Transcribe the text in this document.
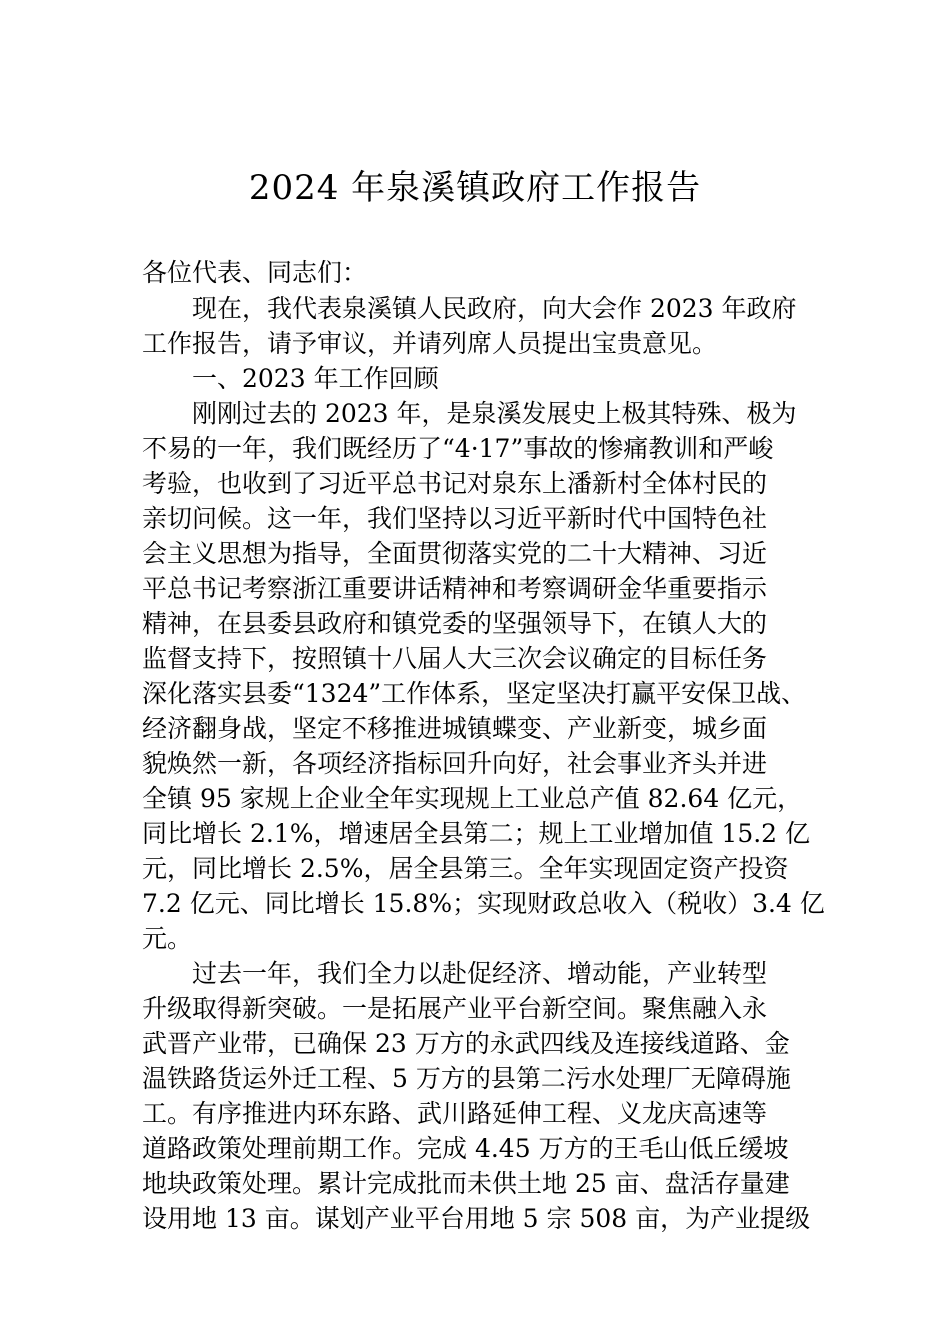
2024 年泉溪镇政府工作报告
各位代表、同志们：
现在，我代表泉溪镇人民政府，向大会作 2023 年政府
工作报告，请予审议，并请列席人员提出宝贵意见。
一、2023 年工作回顾
刚刚过去的 2023 年，是泉溪发展史上极其特殊、极为
不易的一年，我们既经历了“4·17”事故的惨痛教训和严峻
考验，也收到了习近平总书记对泉东上潘新村全体村民的
亲切问候。这一年，我们坚持以习近平新时代中国特色社
会主义思想为指导，全面贯彻落实党的二十大精神、习近
平总书记考察浙江重要讲话精神和考察调研金华重要指示
精神，在县委县政府和镇党委的坚强领导下，在镇人大的
监督支持下，按照镇十八届人大三次会议确定的目标任务
深化落实县委“1324”工作体系，坚定坚决打赢平安保卫战、
经济翻身战，坚定不移推进城镇蝶变、产业新变，城乡面
貌焕然一新，各项经济指标回升向好，社会事业齐头并进
全镇 95 家规上企业全年实现规上工业总产值 82.64 亿元，
同比增长 2.1%，增速居全县第二；规上工业增加值 15.2 亿
元，同比增长 2.5%，居全县第三。全年实现固定资产投资
7.2 亿元、同比增长 15.8%；实现财政总收入（税收）3.4 亿
元。
过去一年，我们全力以赴促经济、增动能，产业转型
升级取得新突破。一是拓展产业平台新空间。聚焦融入永
武晋产业带，已确保 23 万方的永武四线及连接线道路、金
温铁路货运外迁工程、5 万方的县第二污水处理厂无障碍施
工。有序推进内环东路、武川路延伸工程、义龙庆高速等
道路政策处理前期工作。完成 4.45 万方的王毛山低丘缓坡
地块政策处理。累计完成批而未供土地 25 亩、盘活存量建
设用地 13 亩。谋划产业平台用地 5 宗 508 亩，为产业提级
